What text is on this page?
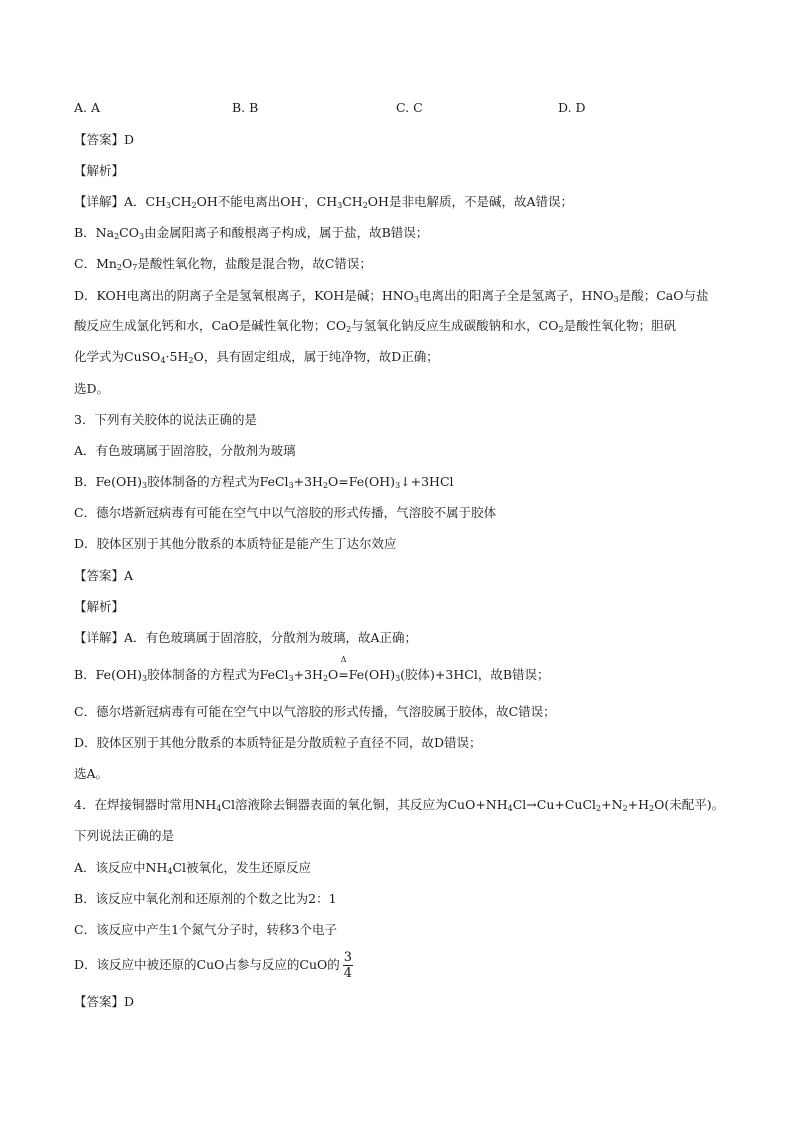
A. A	B. B	C. C	D. D
【答案】D
【解析】
【详解】A．$CH_3CH_2OH$不能电离出OH-，$CH_3CH_2OH$是非电解质，不是碱，故A错误；
B．$Na_2CO_3$由金属阳离子和酸根离子构成，属于盐，故B错误；
C．$Mn_2O_7$是酸性氧化物，盐酸是混合物，故C错误；
D．KOH电离出的阴离子全是氢氧根离子，KOH是碱；$HNO_3$电离出的阳离子全是氢离子，$HNO_3$是酸；CaO与盐
酸反应生成氯化钙和水，CaO是碱性氧化物；$CO_2$与氢氧化钠反应生成碳酸钠和水，$CO_2$是酸性氧化物；胆矾
化学式为$CuSO_4\cdot 5H_2O$，具有固定组成，属于纯净物，故D正确；
选D。
3．下列有关胶体的说法正确的是
A．有色玻璃属于固溶胶，分散剂为玻璃
B．$Fe(OH)_3$胶体制备的方程式为$FeCl_3+3H_2O=Fe(OH)_3↓+3HCl$
C．德尔塔新冠病毒有可能在空气中以气溶胶的形式传播，气溶胶不属于胶体
D．胶体区别于其他分散系的本质特征是能产生丁达尔效应
【答案】A
【解析】
【详解】A．有色玻璃属于固溶胶，分散剂为玻璃，故A正确；
B．$Fe(OH)_3$胶体制备的方程式为$FeCl_3+3H_2O$
Δ
$=Fe(OH)_3$(胶体)+3HCl，故B错误；
C．德尔塔新冠病毒有可能在空气中以气溶胶的形式传播，气溶胶属于胶体，故C错误；
D．胶体区别于其他分散系的本质特征是分散质粒子直径不同，故D错误；
选A。
4．在焊接铜器时常用$NH_4Cl$溶液除去铜器表面的氧化铜，其反应为$CuO+NH_4Cl\to Cu+CuCl_2+N_2+H_2O$(未配平)。
下列说法正确的是
A．该反应中$NH_4Cl$被氧化，发生还原反应
B．该反应中氧化剂和还原剂的个数之比为2：1
C．该反应中产生1个氮气分子时，转移3个电子
D．该反应中被还原的CuO占参与反应的CuO的 $\frac{3}{4}$
【答案】D
